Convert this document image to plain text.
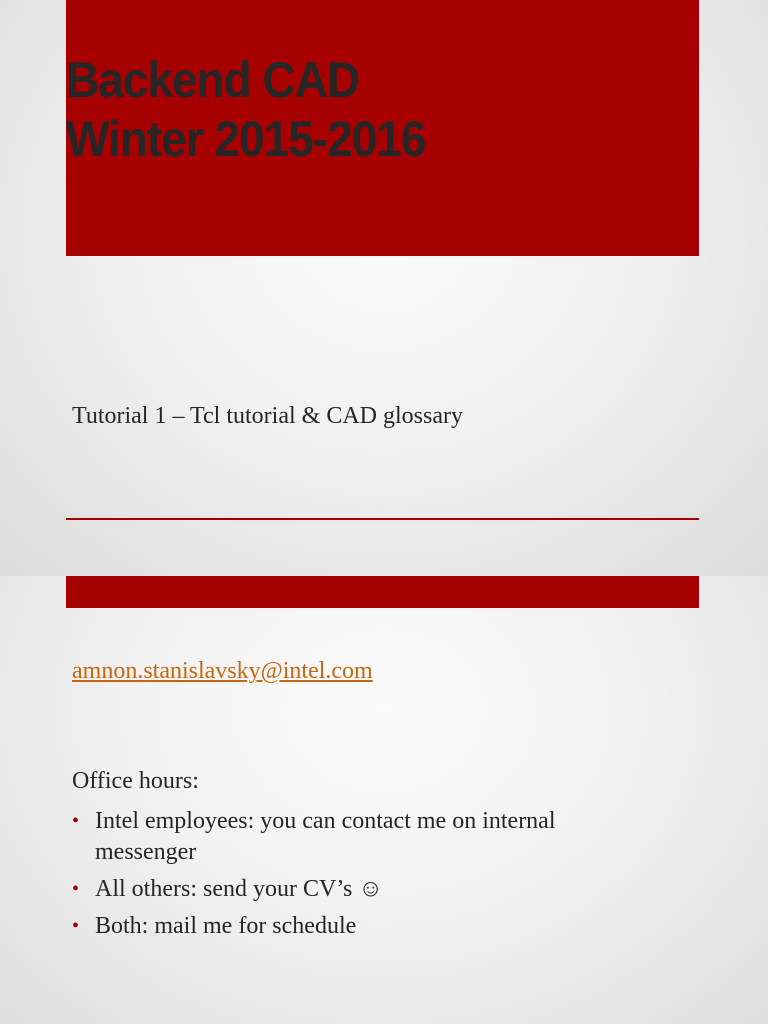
Backend CAD
Winter 2015-2016
Tutorial 1 – Tcl tutorial & CAD glossary
amnon.stanislavsky@intel.com
Office hours:
• Intel employees: you can contact me on internal messenger
• All others: send your CV’s ☺
• Both: mail me for schedule
